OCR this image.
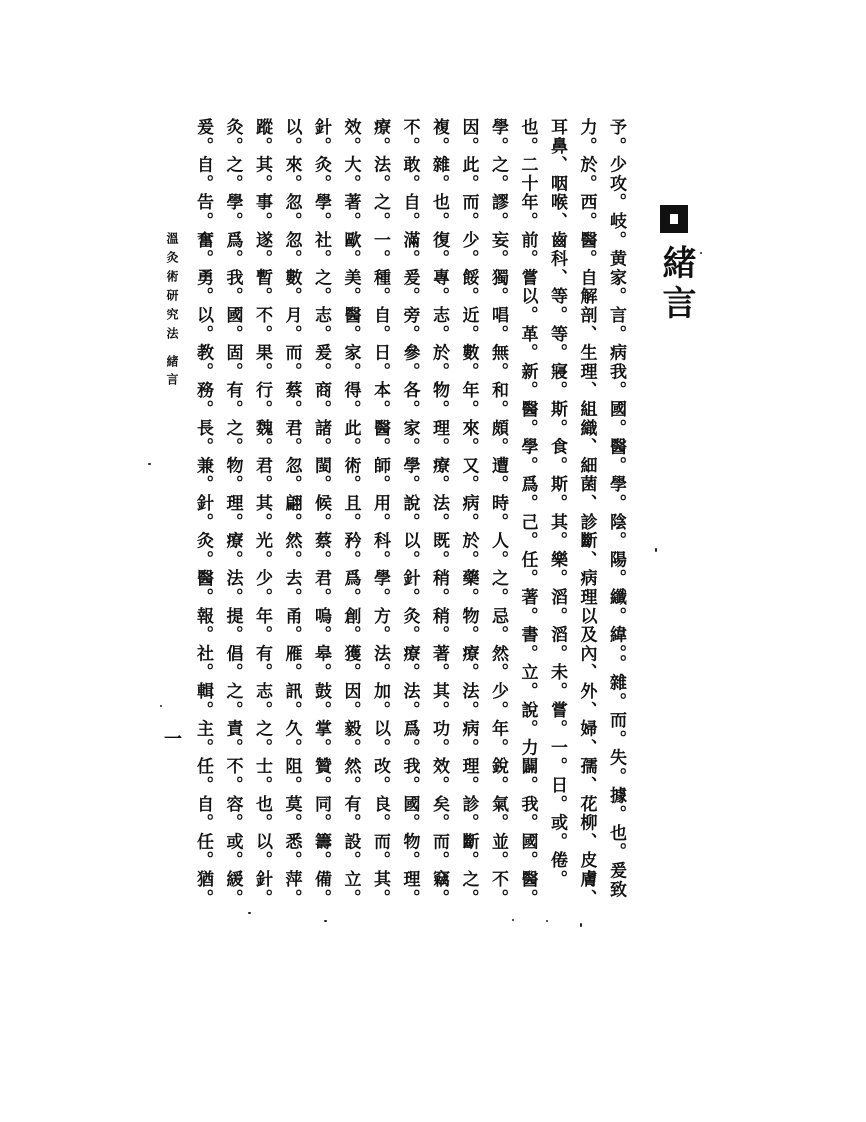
緒言

予。少攻。岐。黄家。言。病我。國。醫。學。陰。陽。纖。緯。。雜。而。失。據。也。爰致力。於。西。醫。自解剖、生理、組織、細菌、診斷、病理以及內、外、婦、孺、花柳、皮膚、耳鼻、咽喉、齒科、等。等。寢。斯。食。斯。其。樂。滔。滔。未。嘗。一。日。或。倦。也。二十年。前。嘗以。革。新。醫。學。爲。己。任。著。書。立。說。力闢。我。國。醫。學。之。謬。妄。獨。唱。無。和。頗。遭。時。人。之。忌。然。少。年。銳。氣。並。不。因。此。而。少。餒。近。數。年。來。又。病。於。藥。物。療。法。病。理。診。斷。之。複。雜。也。復。專。志。於。物。理。療。法。既。稍。稍。著。其。功。效。矣。而。竊。不。敢。自。滿。爰。旁。參。各。家。學。說。以。針。灸。療。法。爲。我。國。物。理。療。法。之。一。種。自。日。本。醫。師。用。科。學。方。法。加。以。改。良。而。其。效。大。著。歐。美。醫。家。得。此。術。且。矜。爲。創。獲。因。毅。然。有。設。立。針。灸。學。社。之。志。爰。商。諸。閩。候。蔡。君。嗚。皋。鼓。掌。贊。同。籌。備。以。來。忽。忽。數。月。而。蔡。君。忽。翩。然。去。甬。雁。訊。久。阻。莫。悉。萍。蹤。其。事。遂。暫。不。果。行。魏。君。其。光。少。年。有。志。之。士。也。以。針。灸。之。學。爲。我。國。固。有。之。物。理。療。法。提。倡。之。責。不。容。或。緩。爰。自。告。奮。勇。以。教。務。長。兼。針。灸。醫。報。社。輯。主。任。自。任。猶。

溫灸術研究法
緒言
一
